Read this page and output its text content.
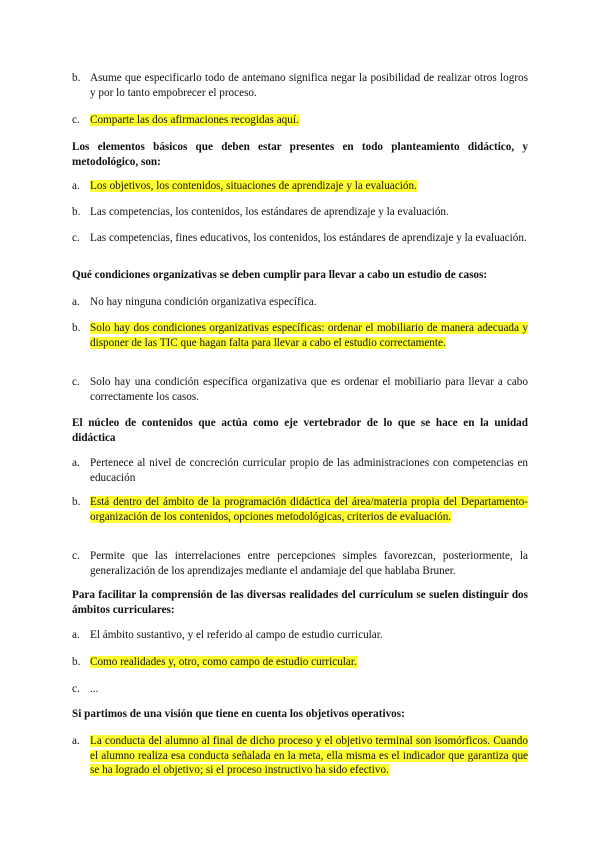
b. Asume que especificarlo todo de antemano significa negar la posibilidad de realizar otros logros y por lo tanto empobrecer el proceso.
c. Comparte las dos afirmaciones recogidas aquí.
Los elementos básicos que deben estar presentes en todo planteamiento didáctico, y metodológico, son:
a. Los objetivos, los contenidos, situaciones de aprendizaje y la evaluación.
b. Las competencias, los contenidos, los estándares de aprendizaje y la evaluación.
c. Las competencias, fines educativos, los contenidos, los estándares de aprendizaje y la evaluación.
Qué condiciones organizativas se deben cumplir para llevar a cabo un estudio de casos:
a. No hay ninguna condición organizativa específica.
b. Solo hay dos condiciones organizativas específicas: ordenar el mobiliario de manera adecuada y disponer de las TIC que hagan falta para llevar a cabo el estudio correctamente.
c. Solo hay una condición específica organizativa que es ordenar el mobiliario para llevar a cabo correctamente los casos.
El núcleo de contenidos que actúa como eje vertebrador de lo que se hace en la unidad didáctica
a. Pertenece al nivel de concreción curricular propio de las administraciones con competencias en educación
b. Está dentro del ámbito de la programación didáctica del área/materia propia del Departamento-organización de los contenidos, opciones metodológicas, criterios de evaluación.
c. Permite que las interrelaciones entre percepciones simples favorezcan, posteriormente, la generalización de los aprendizajes mediante el andamiaje del que hablaba Bruner.
Para facilitar la comprensión de las diversas realidades del currículum se suelen distinguir dos ámbitos curriculares:
a. El ámbito sustantivo, y el referido al campo de estudio curricular.
b. Como realidades y, otro, como campo de estudio curricular.
c. ...
Si partimos de una visión que tiene en cuenta los objetivos operativos:
a. La conducta del alumno al final de dicho proceso y el objetivo terminal son isomórficos. Cuando el alumno realiza esa conducta señalada en la meta, ella misma es el indicador que garantiza que se ha logrado el objetivo; si el proceso instructivo ha sido efectivo.
